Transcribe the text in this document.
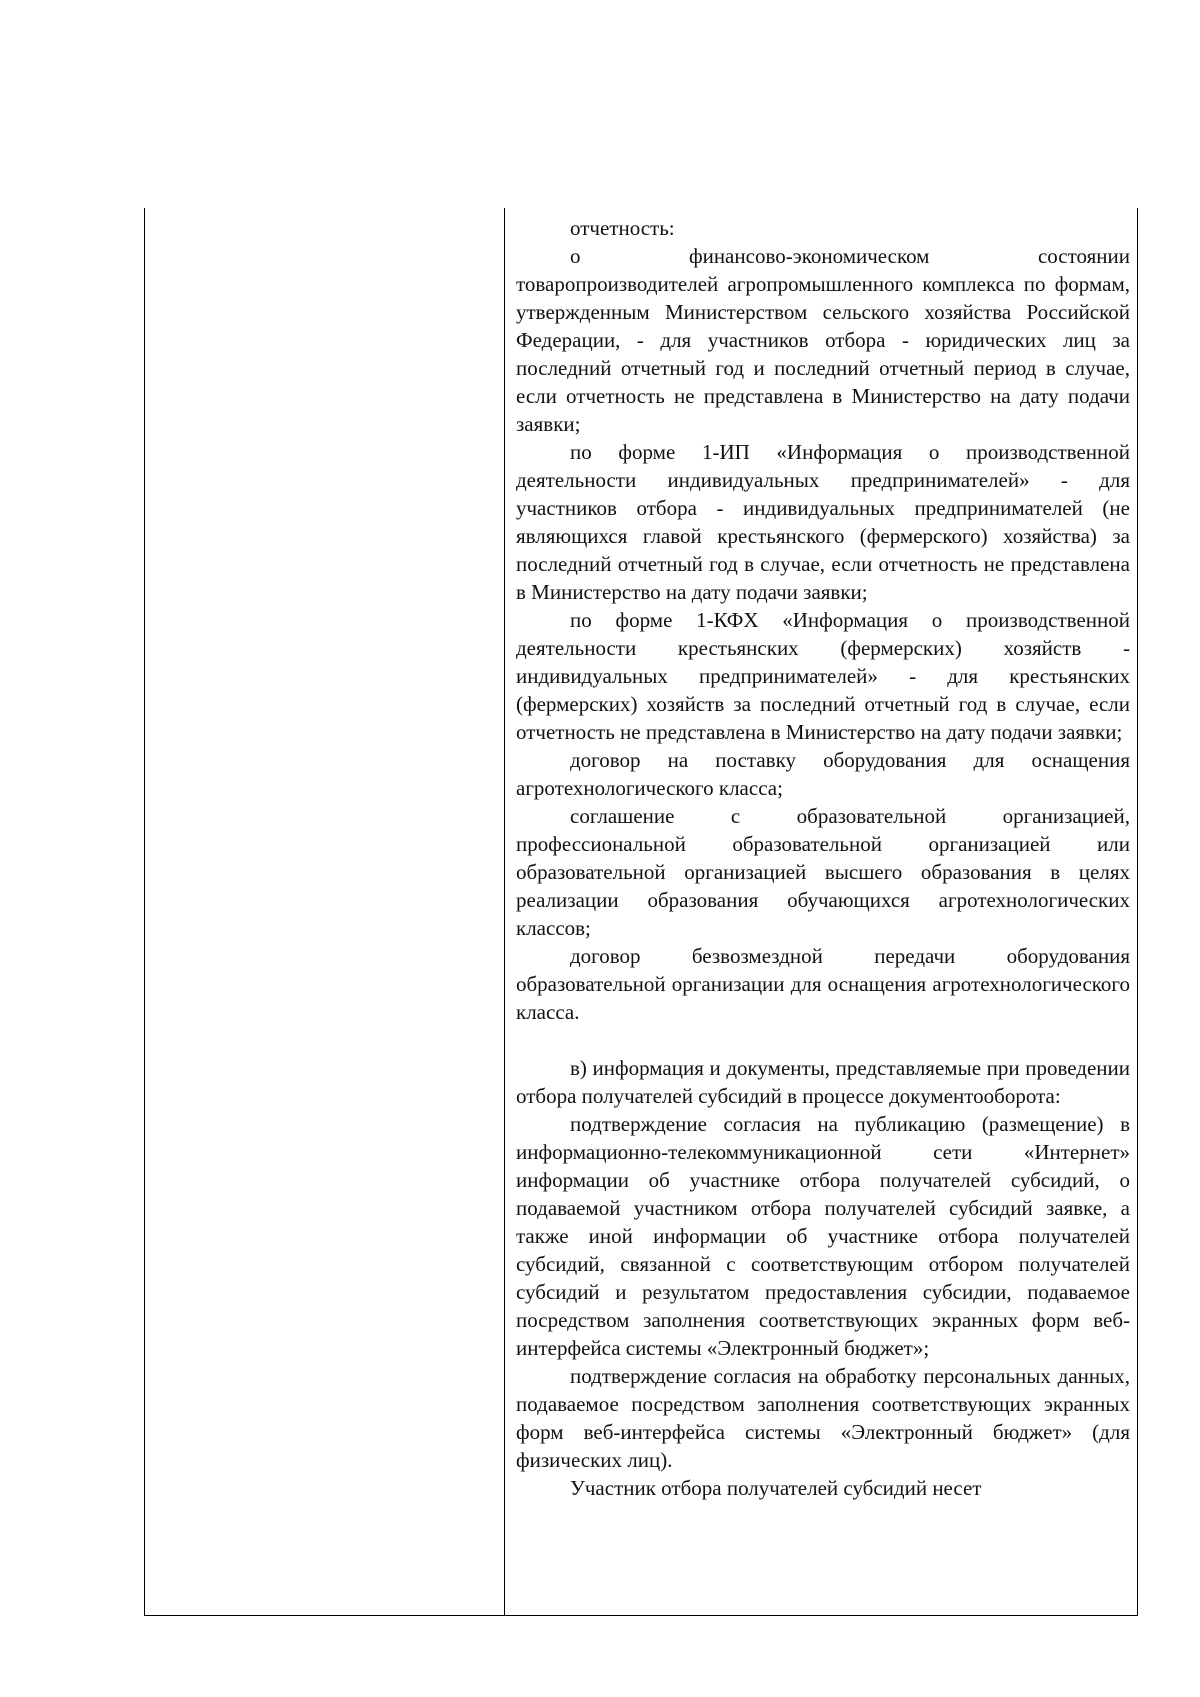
отчетность:

о финансово-экономическом состоянии товаропроизводителей агропромышленного комплекса по формам, утвержденным Министерством сельского хозяйства Российской Федерации, - для участников отбора - юридических лиц за последний отчетный год и последний отчетный период в случае, если отчетность не представлена в Министерство на дату подачи заявки;

по форме 1-ИП «Информация о производственной деятельности индивидуальных предпринимателей» - для участников отбора - индивидуальных предпринимателей (не являющихся главой крестьянского (фермерского) хозяйства) за последний отчетный год в случае, если отчетность не представлена в Министерство на дату подачи заявки;

по форме 1-КФХ «Информация о производственной деятельности крестьянских (фермерских) хозяйств - индивидуальных предпринимателей» - для крестьянских (фермерских) хозяйств за последний отчетный год в случае, если отчетность не представлена в Министерство на дату подачи заявки;

договор на поставку оборудования для оснащения агротехнологического класса;

соглашение с образовательной организацией, профессиональной образовательной организацией или образовательной организацией высшего образования в целях реализации образования обучающихся агротехнологических классов;

договор безвозмездной передачи оборудования образовательной организации для оснащения агротехнологического класса.

в) информация и документы, представляемые при проведении отбора получателей субсидий в процессе документооборота:

подтверждение согласия на публикацию (размещение) в информационно-телекоммуникационной сети «Интернет» информации об участнике отбора получателей субсидий, о подаваемой участником отбора получателей субсидий заявке, а также иной информации об участнике отбора получателей субсидий, связанной с соответствующим отбором получателей субсидий и результатом предоставления субсидии, подаваемое посредством заполнения соответствующих экранных форм веб-интерфейса системы «Электронный бюджет»;

подтверждение согласия на обработку персональных данных, подаваемое посредством заполнения соответствующих экранных форм веб-интерфейса системы «Электронный бюджет» (для физических лиц).

Участник отбора получателей субсидий несет
